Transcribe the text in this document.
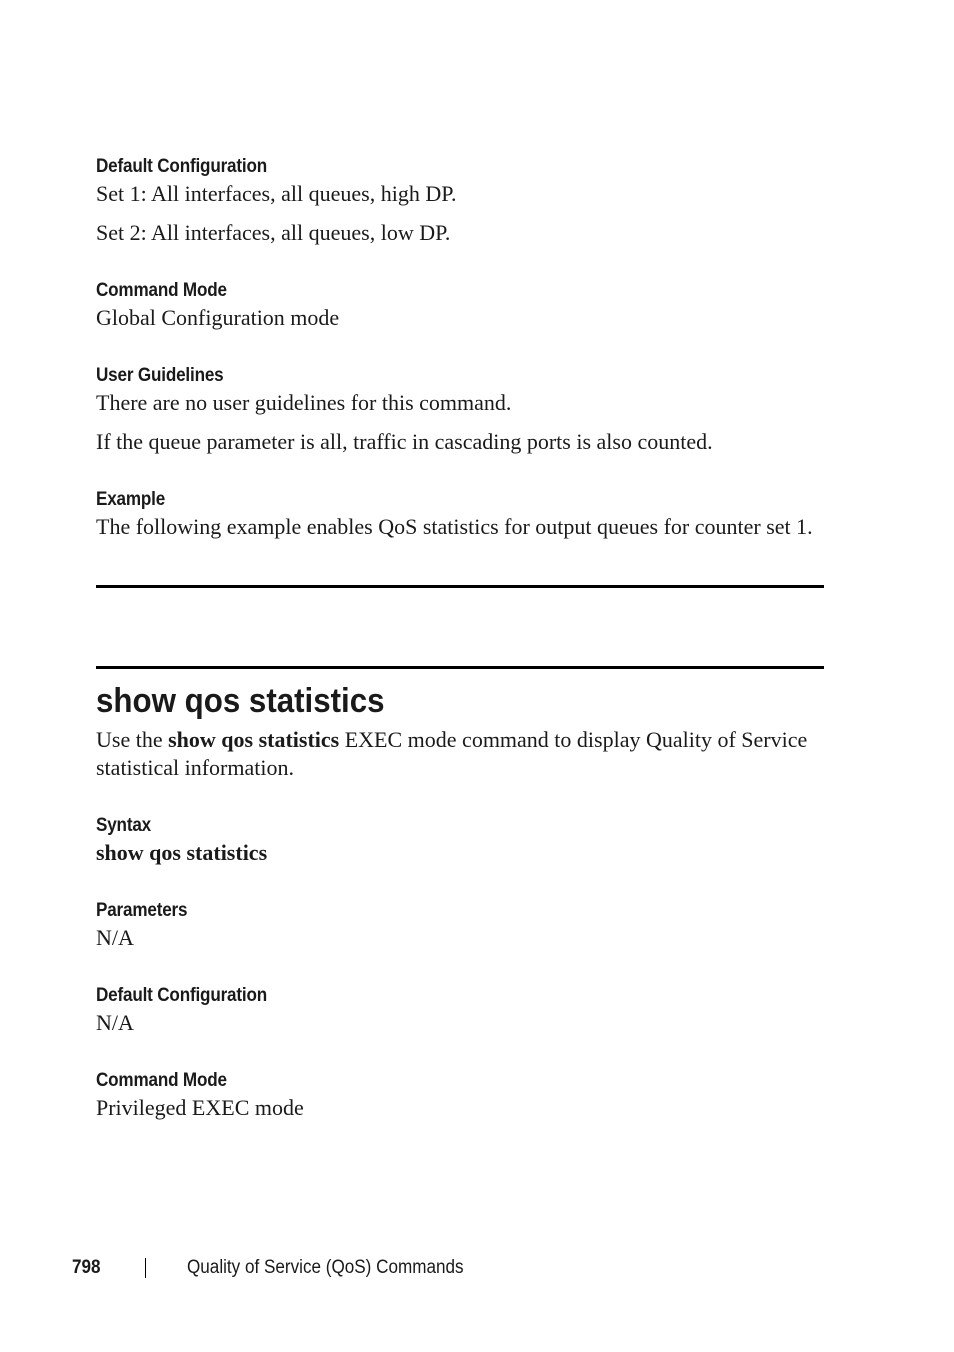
Default Configuration
Set 1: All interfaces, all queues, high DP.
Set 2: All interfaces, all queues, low DP.
Command Mode
Global Configuration mode
User Guidelines
There are no user guidelines for this command.
If the queue parameter is all, traffic in cascading ports is also counted.
Example
The following example enables QoS statistics for output queues for counter set 1.
show qos statistics
Use the show qos statistics EXEC mode command to display Quality of Service statistical information.
Syntax
show qos statistics
Parameters
N/A
Default Configuration
N/A
Command Mode
Privileged EXEC mode
798	Quality of Service (QoS) Commands
